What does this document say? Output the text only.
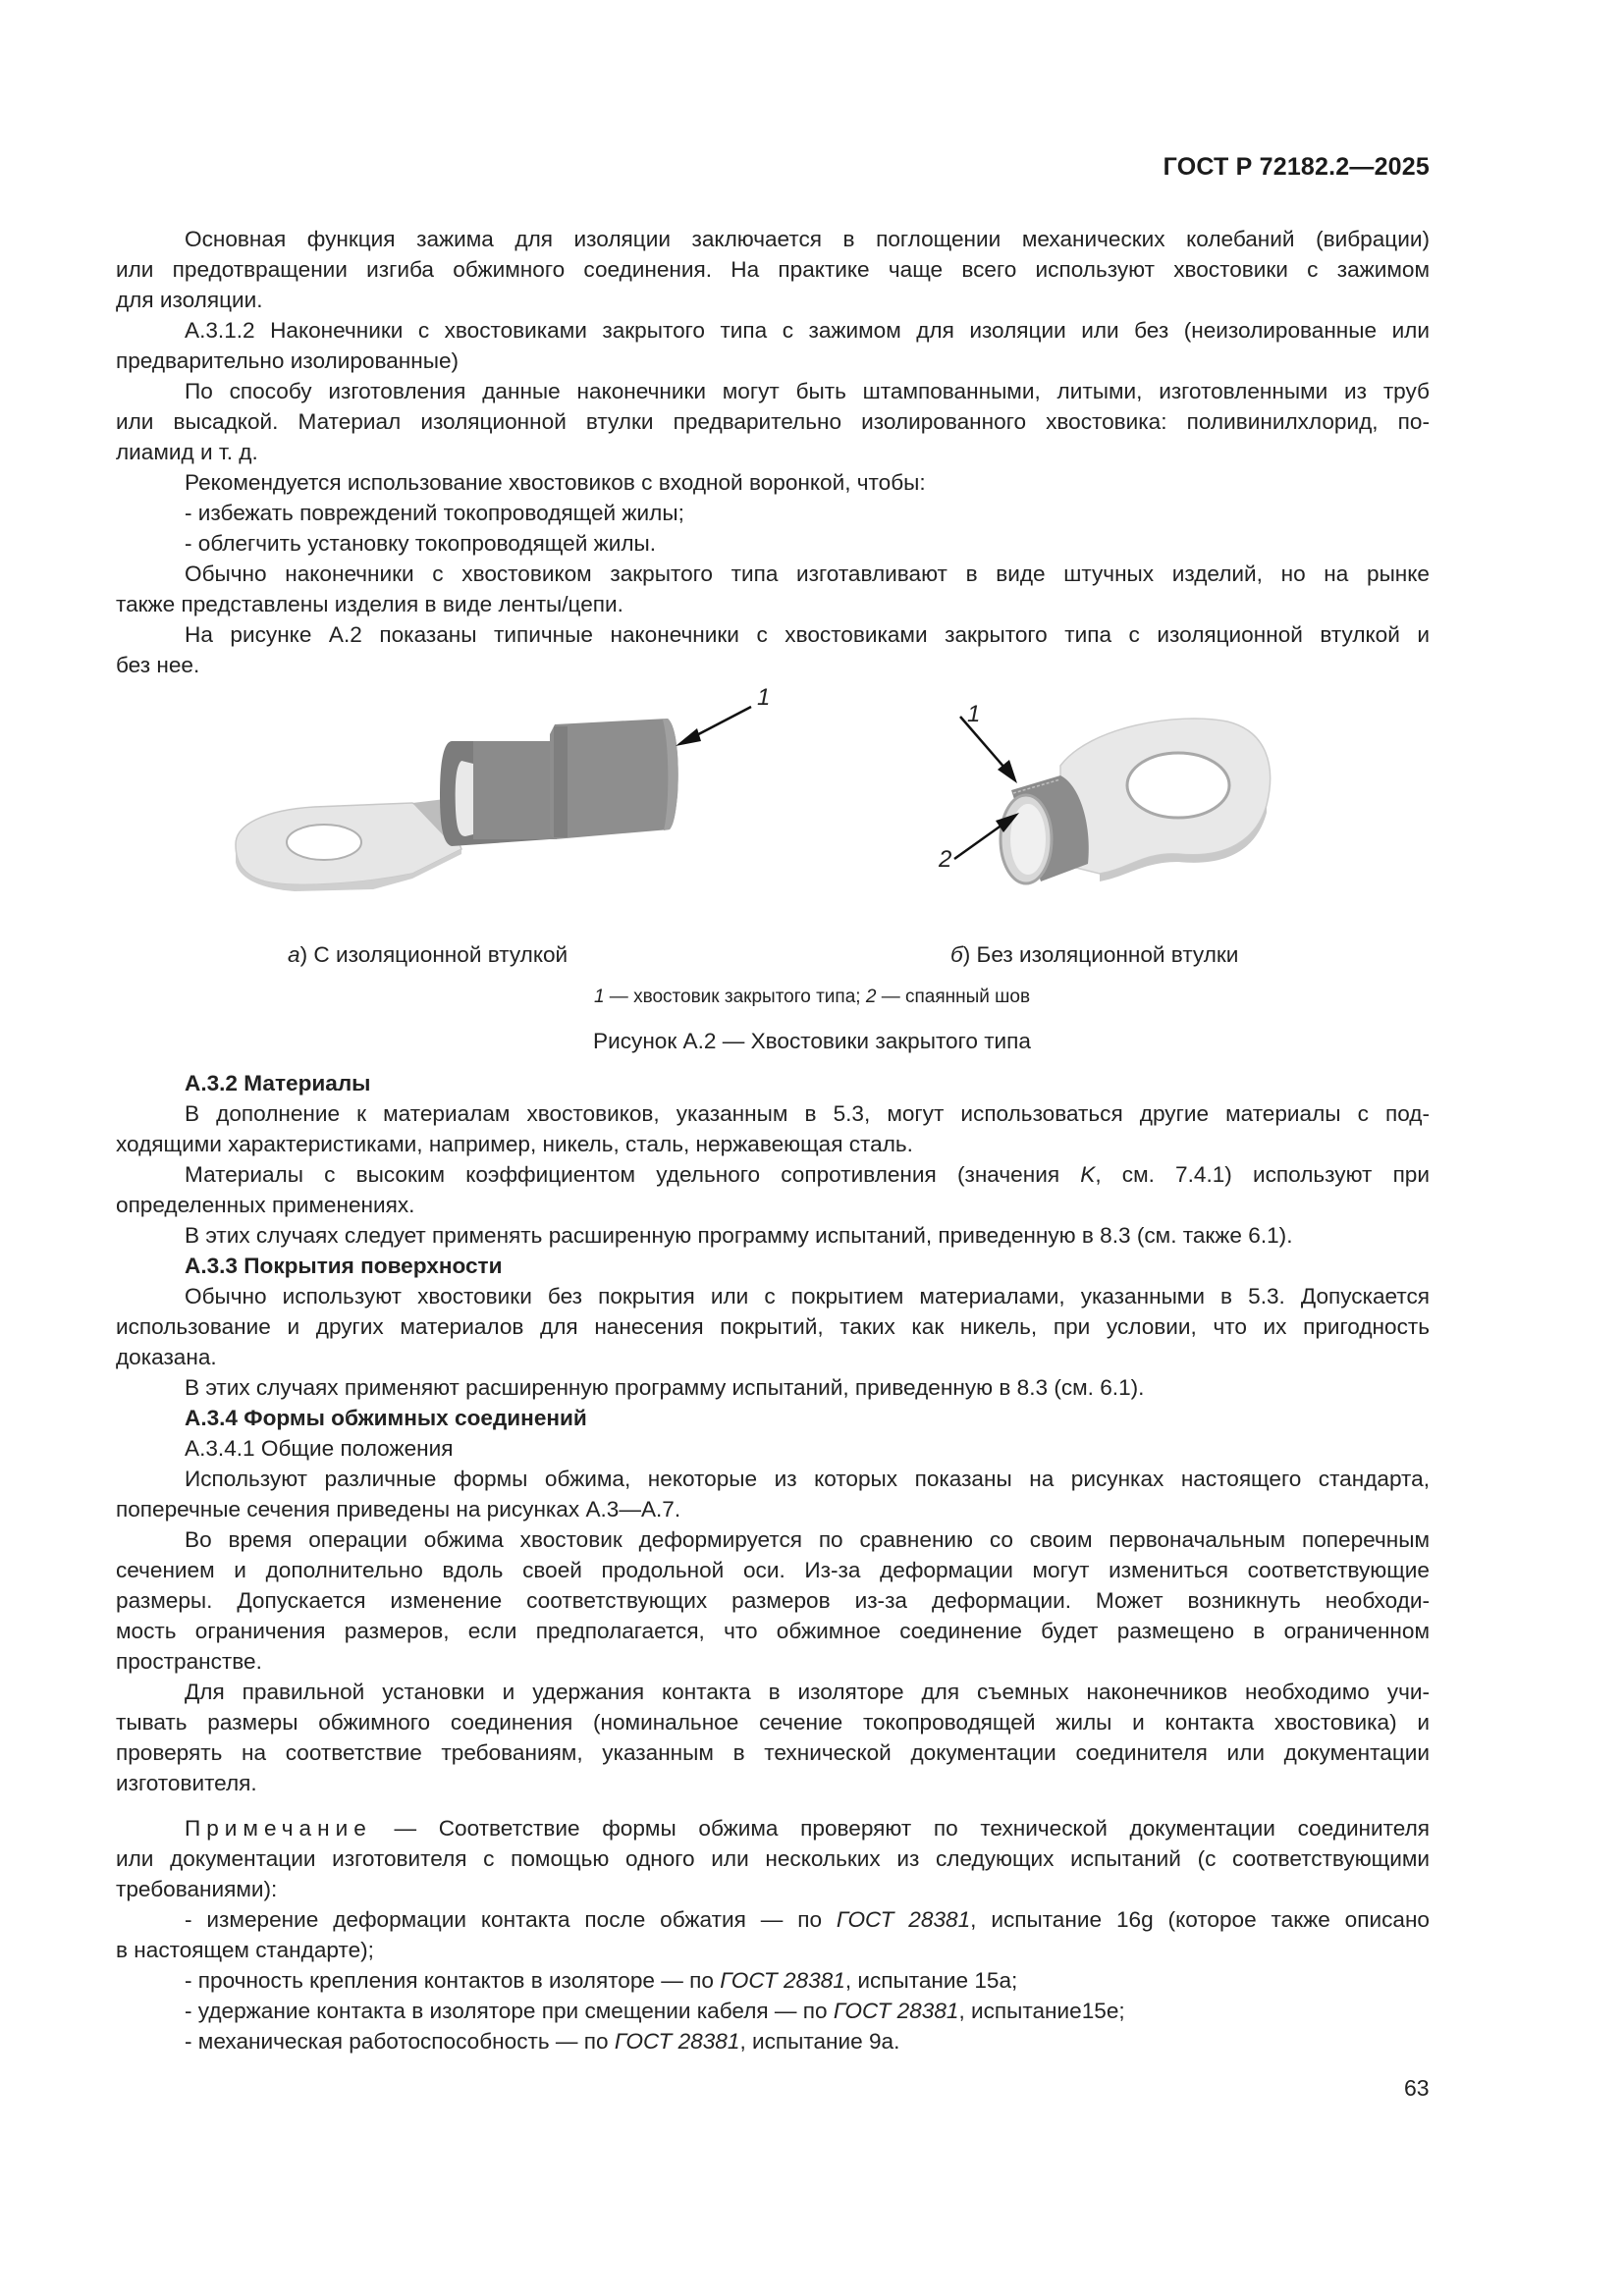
ГОСТ Р 72182.2—2025
Основная функция зажима для изоляции заключается в поглощении механических колебаний (вибрации)
или предотвращении изгиба обжимного соединения. На практике чаще всего используют хвостовики с зажимом
для изоляции.
А.3.1.2 Наконечники с хвостовиками закрытого типа с зажимом для изоляции или без (неизолированные или
предварительно изолированные)
По способу изготовления данные наконечники могут быть штампованными, литыми, изготовленными из труб
или высадкой. Материал изоляционной втулки предварительно изолированного хвостовика: поливинилхлорид, по-
лиамид и т. д.
Рекомендуется использование хвостовиков с входной воронкой, чтобы:
- избежать повреждений токопроводящей жилы;
- облегчить установку токопроводящей жилы.
Обычно наконечники с хвостовиком закрытого типа изготавливают в виде штучных изделий, но на рынке
также представлены изделия в виде ленты/цепи.
На рисунке А.2 показаны типичные наконечники с хвостовиками закрытого типа с изоляционной втулкой и
без нее.
1
1
2
а) С изоляционной втулкой	б) Без изоляционной втулки
1 — хвостовик закрытого типа; 2 — спаянный шов
Рисунок А.2 — Хвостовики закрытого типа
А.3.2 Материалы
В дополнение к материалам хвостовиков, указанным в 5.3, могут использоваться другие материалы с под-
ходящими характеристиками, например, никель, сталь, нержавеющая сталь.
Материалы с высоким коэффициентом удельного сопротивления (значения K, см. 7.4.1) используют при
определенных применениях.
В этих случаях следует применять расширенную программу испытаний, приведенную в 8.3 (см. также 6.1).
А.3.3 Покрытия поверхности
Обычно используют хвостовики без покрытия или с покрытием материалами, указанными в 5.3. Допускается
использование и других материалов для нанесения покрытий, таких как никель, при условии, что их пригодность
доказана.
В этих случаях применяют расширенную программу испытаний, приведенную в 8.3 (см. 6.1).
А.3.4 Формы обжимных соединений
А.3.4.1 Общие положения
Используют различные формы обжима, некоторые из которых показаны на рисунках настоящего стандарта,
поперечные сечения приведены на рисунках А.3—А.7.
Во время операции обжима хвостовик деформируется по сравнению со своим первоначальным поперечным
сечением и дополнительно вдоль своей продольной оси. Из-за деформации могут измениться соответствующие
размеры. Допускается изменение соответствующих размеров из-за деформации. Может возникнуть необходи-
мость ограничения размеров, если предполагается, что обжимное соединение будет размещено в ограниченном
пространстве.
Для правильной установки и удержания контакта в изоляторе для съемных наконечников необходимо учи-
тывать размеры обжимного соединения (номинальное сечение токопроводящей жилы и контакта хвостовика) и
проверять на соответствие требованиям, указанным в технической документации соединителя или документации
изготовителя.
Примечание — Соответствие формы обжима проверяют по технической документации соединителя
или документации изготовителя с помощью одного или нескольких из следующих испытаний (с соответствующими
требованиями):
- измерение деформации контакта после обжатия — по ГОСТ 28381, испытание 16g (которое также описано
в настоящем стандарте);
- прочность крепления контактов в изоляторе — по ГОСТ 28381, испытание 15а;
- удержание контакта в изоляторе при смещении кабеля — по ГОСТ 28381, испытание15е;
- механическая работоспособность — по ГОСТ 28381, испытание 9а.
63
